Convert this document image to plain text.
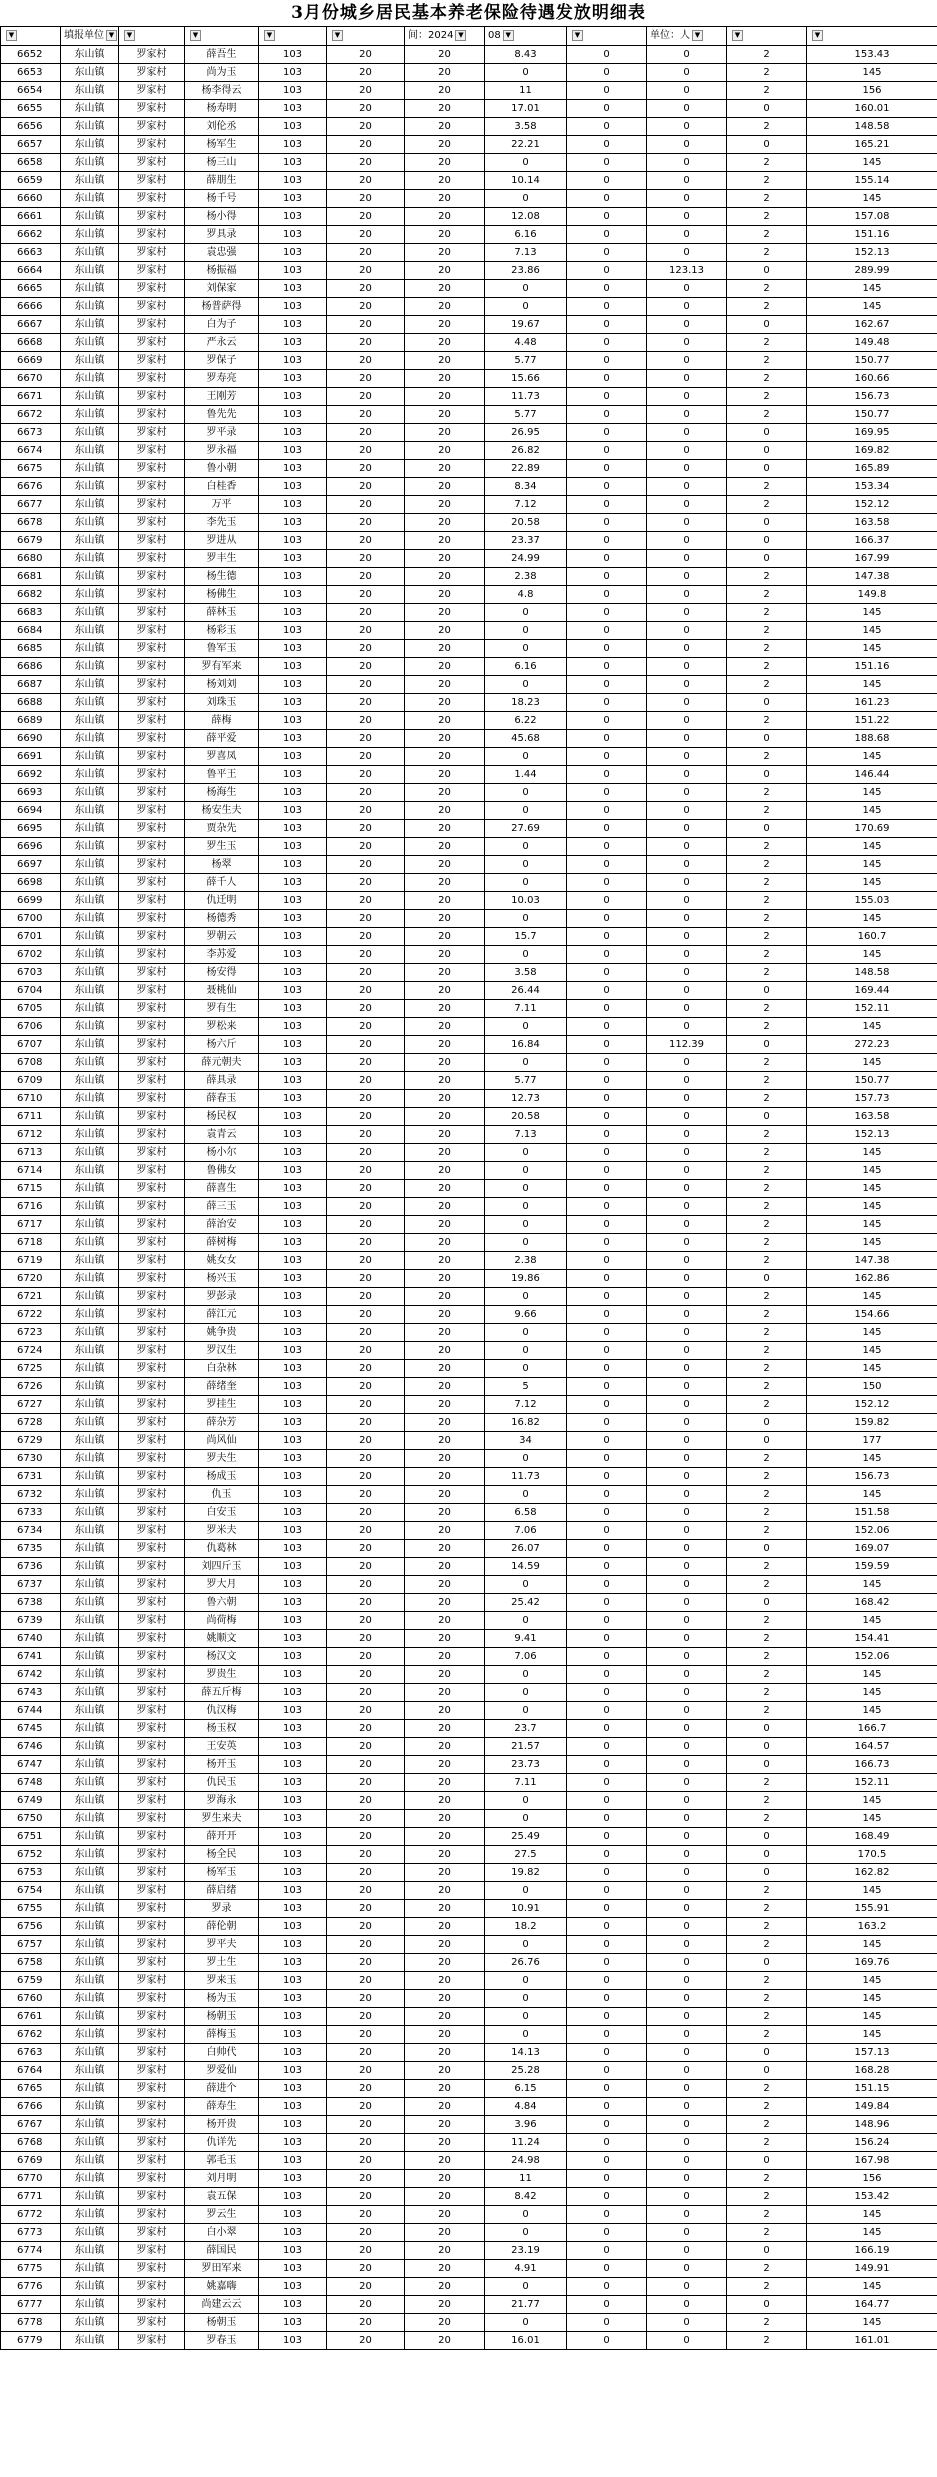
3月份城乡居民基本养老保险待遇发放明细表
▼	填报单位 ▼	▼	▼	▼	▼	间：2024 ▼	08 ▼	▼	单位：人 ▼	▼	▼
6652	东山镇	罗家村	薛吾生	103	20	20	8.43	0	0	2	153.43
6653	东山镇	罗家村	尚为玉	103	20	20	0	0	0	2	145
6654	东山镇	罗家村	杨李得云	103	20	20	11	0	0	2	156
6655	东山镇	罗家村	杨寿明	103	20	20	17.01	0	0	0	160.01
6656	东山镇	罗家村	刘伦丞	103	20	20	3.58	0	0	2	148.58
6657	东山镇	罗家村	杨军生	103	20	20	22.21	0	0	0	165.21
6658	东山镇	罗家村	杨三山	103	20	20	0	0	0	2	145
6659	东山镇	罗家村	薛朋生	103	20	20	10.14	0	0	2	155.14
6660	东山镇	罗家村	杨千号	103	20	20	0	0	0	2	145
6661	东山镇	罗家村	杨小得	103	20	20	12.08	0	0	2	157.08
6662	东山镇	罗家村	罗具录	103	20	20	6.16	0	0	2	151.16
6663	东山镇	罗家村	袁忠强	103	20	20	7.13	0	0	2	152.13
6664	东山镇	罗家村	杨振福	103	20	20	23.86	0	123.13	0	289.99
6665	东山镇	罗家村	刘保家	103	20	20	0	0	0	2	145
6666	东山镇	罗家村	杨普萨得	103	20	20	0	0	0	2	145
6667	东山镇	罗家村	白为子	103	20	20	19.67	0	0	0	162.67
6668	东山镇	罗家村	严永云	103	20	20	4.48	0	0	2	149.48
6669	东山镇	罗家村	罗保子	103	20	20	5.77	0	0	2	150.77
6670	东山镇	罗家村	罗寿亮	103	20	20	15.66	0	0	2	160.66
6671	东山镇	罗家村	王刚芳	103	20	20	11.73	0	0	2	156.73
6672	东山镇	罗家村	鲁先先	103	20	20	5.77	0	0	2	150.77
6673	东山镇	罗家村	罗平录	103	20	20	26.95	0	0	0	169.95
6674	东山镇	罗家村	罗永福	103	20	20	26.82	0	0	0	169.82
6675	东山镇	罗家村	鲁小朝	103	20	20	22.89	0	0	0	165.89
6676	东山镇	罗家村	白桂香	103	20	20	8.34	0	0	2	153.34
6677	东山镇	罗家村	万平	103	20	20	7.12	0	0	2	152.12
6678	东山镇	罗家村	李先玉	103	20	20	20.58	0	0	0	163.58
6679	东山镇	罗家村	罗进从	103	20	20	23.37	0	0	0	166.37
6680	东山镇	罗家村	罗丰生	103	20	20	24.99	0	0	0	167.99
6681	东山镇	罗家村	杨生德	103	20	20	2.38	0	0	2	147.38
6682	东山镇	罗家村	杨佛生	103	20	20	4.8	0	0	2	149.8
6683	东山镇	罗家村	薛林玉	103	20	20	0	0	0	2	145
6684	东山镇	罗家村	杨彩玉	103	20	20	0	0	0	2	145
6685	东山镇	罗家村	鲁军玉	103	20	20	0	0	0	2	145
6686	东山镇	罗家村	罗有军来	103	20	20	6.16	0	0	2	151.16
6687	东山镇	罗家村	杨刘刘	103	20	20	0	0	0	2	145
6688	东山镇	罗家村	刘珠玉	103	20	20	18.23	0	0	0	161.23
6689	东山镇	罗家村	薛梅	103	20	20	6.22	0	0	2	151.22
6690	东山镇	罗家村	薛平爱	103	20	20	45.68	0	0	0	188.68
6691	东山镇	罗家村	罗喜凤	103	20	20	0	0	0	2	145
6692	东山镇	罗家村	鲁平王	103	20	20	1.44	0	0	0	146.44
6693	东山镇	罗家村	杨海生	103	20	20	0	0	0	2	145
6694	东山镇	罗家村	杨安生夫	103	20	20	0	0	0	2	145
6695	东山镇	罗家村	贾杂先	103	20	20	27.69	0	0	0	170.69
6696	东山镇	罗家村	罗生玉	103	20	20	0	0	0	2	145
6697	东山镇	罗家村	杨翠	103	20	20	0	0	0	2	145
6698	东山镇	罗家村	薛千人	103	20	20	0	0	0	2	145
6699	东山镇	罗家村	仇迁明	103	20	20	10.03	0	0	2	155.03
6700	东山镇	罗家村	杨德秀	103	20	20	0	0	0	2	145
6701	东山镇	罗家村	罗朝云	103	20	20	15.7	0	0	2	160.7
6702	东山镇	罗家村	李苏爱	103	20	20	0	0	0	2	145
6703	东山镇	罗家村	杨安得	103	20	20	3.58	0	0	2	148.58
6704	东山镇	罗家村	聂桃仙	103	20	20	26.44	0	0	0	169.44
6705	东山镇	罗家村	罗有生	103	20	20	7.11	0	0	2	152.11
6706	东山镇	罗家村	罗松来	103	20	20	0	0	0	2	145
6707	东山镇	罗家村	杨六斤	103	20	20	16.84	0	112.39	0	272.23
6708	东山镇	罗家村	薛元朝夫	103	20	20	0	0	0	2	145
6709	东山镇	罗家村	薛具录	103	20	20	5.77	0	0	2	150.77
6710	东山镇	罗家村	薛春玉	103	20	20	12.73	0	0	2	157.73
6711	东山镇	罗家村	杨民权	103	20	20	20.58	0	0	0	163.58
6712	东山镇	罗家村	袁青云	103	20	20	7.13	0	0	2	152.13
6713	东山镇	罗家村	杨小尔	103	20	20	0	0	0	2	145
6714	东山镇	罗家村	鲁佛女	103	20	20	0	0	0	2	145
6715	东山镇	罗家村	薛喜生	103	20	20	0	0	0	2	145
6716	东山镇	罗家村	薛三玉	103	20	20	0	0	0	2	145
6717	东山镇	罗家村	薛治安	103	20	20	0	0	0	2	145
6718	东山镇	罗家村	薛树梅	103	20	20	0	0	0	2	145
6719	东山镇	罗家村	姚女女	103	20	20	2.38	0	0	2	147.38
6720	东山镇	罗家村	杨兴玉	103	20	20	19.86	0	0	0	162.86
6721	东山镇	罗家村	罗彭录	103	20	20	0	0	0	2	145
6722	东山镇	罗家村	薛江元	103	20	20	9.66	0	0	2	154.66
6723	东山镇	罗家村	姚争贵	103	20	20	0	0	0	2	145
6724	东山镇	罗家村	罗汉生	103	20	20	0	0	0	2	145
6725	东山镇	罗家村	白杂林	103	20	20	0	0	0	2	145
6726	东山镇	罗家村	薛绪奎	103	20	20	5	0	0	2	150
6727	东山镇	罗家村	罗挂生	103	20	20	7.12	0	0	2	152.12
6728	东山镇	罗家村	薛杂芳	103	20	20	16.82	0	0	0	159.82
6729	东山镇	罗家村	尚风仙	103	20	20	34	0	0	0	177
6730	东山镇	罗家村	罗夫生	103	20	20	0	0	0	2	145
6731	东山镇	罗家村	杨成玉	103	20	20	11.73	0	0	2	156.73
6732	东山镇	罗家村	仇玉	103	20	20	0	0	0	2	145
6733	东山镇	罗家村	白安玉	103	20	20	6.58	0	0	2	151.58
6734	东山镇	罗家村	罗米夫	103	20	20	7.06	0	0	2	152.06
6735	东山镇	罗家村	仇葛林	103	20	20	26.07	0	0	0	169.07
6736	东山镇	罗家村	刘四斤玉	103	20	20	14.59	0	0	2	159.59
6737	东山镇	罗家村	罗大月	103	20	20	0	0	0	2	145
6738	东山镇	罗家村	鲁六朝	103	20	20	25.42	0	0	0	168.42
6739	东山镇	罗家村	尚荷梅	103	20	20	0	0	0	2	145
6740	东山镇	罗家村	姚顺文	103	20	20	9.41	0	0	2	154.41
6741	东山镇	罗家村	杨汉文	103	20	20	7.06	0	0	2	152.06
6742	东山镇	罗家村	罗贵生	103	20	20	0	0	0	2	145
6743	东山镇	罗家村	薛五斤梅	103	20	20	0	0	0	2	145
6744	东山镇	罗家村	仇汉梅	103	20	20	0	0	0	2	145
6745	东山镇	罗家村	杨玉权	103	20	20	23.7	0	0	0	166.7
6746	东山镇	罗家村	王安英	103	20	20	21.57	0	0	0	164.57
6747	东山镇	罗家村	杨开玉	103	20	20	23.73	0	0	0	166.73
6748	东山镇	罗家村	仇民玉	103	20	20	7.11	0	0	2	152.11
6749	东山镇	罗家村	罗海永	103	20	20	0	0	0	2	145
6750	东山镇	罗家村	罗生来夫	103	20	20	0	0	0	2	145
6751	东山镇	罗家村	薛开开	103	20	20	25.49	0	0	0	168.49
6752	东山镇	罗家村	杨全民	103	20	20	27.5	0	0	0	170.5
6753	东山镇	罗家村	杨军玉	103	20	20	19.82	0	0	0	162.82
6754	东山镇	罗家村	薛启绪	103	20	20	0	0	0	2	145
6755	东山镇	罗家村	罗录	103	20	20	10.91	0	0	2	155.91
6756	东山镇	罗家村	薛伦朝	103	20	20	18.2	0	0	2	163.2
6757	东山镇	罗家村	罗平夫	103	20	20	0	0	0	2	145
6758	东山镇	罗家村	罗土生	103	20	20	26.76	0	0	0	169.76
6759	东山镇	罗家村	罗来玉	103	20	20	0	0	0	2	145
6760	东山镇	罗家村	杨为玉	103	20	20	0	0	0	2	145
6761	东山镇	罗家村	杨朝玉	103	20	20	0	0	0	2	145
6762	东山镇	罗家村	薛梅玉	103	20	20	0	0	0	2	145
6763	东山镇	罗家村	白帅代	103	20	20	14.13	0	0	0	157.13
6764	东山镇	罗家村	罗爱仙	103	20	20	25.28	0	0	0	168.28
6765	东山镇	罗家村	薛进个	103	20	20	6.15	0	0	2	151.15
6766	东山镇	罗家村	薛寿生	103	20	20	4.84	0	0	2	149.84
6767	东山镇	罗家村	杨开贵	103	20	20	3.96	0	0	2	148.96
6768	东山镇	罗家村	仇详先	103	20	20	11.24	0	0	2	156.24
6769	东山镇	罗家村	郭毛玉	103	20	20	24.98	0	0	0	167.98
6770	东山镇	罗家村	刘月明	103	20	20	11	0	0	2	156
6771	东山镇	罗家村	袁五保	103	20	20	8.42	0	0	2	153.42
6772	东山镇	罗家村	罗云生	103	20	20	0	0	0	2	145
6773	东山镇	罗家村	白小翠	103	20	20	0	0	0	2	145
6774	东山镇	罗家村	薛国民	103	20	20	23.19	0	0	0	166.19
6775	东山镇	罗家村	罗田军来	103	20	20	4.91	0	0	2	149.91
6776	东山镇	罗家村	姚嘉嗨	103	20	20	0	0	0	2	145
6777	东山镇	罗家村	尚建云云	103	20	20	21.77	0	0	0	164.77
6778	东山镇	罗家村	杨朝玉	103	20	20	0	0	0	2	145
6779	东山镇	罗家村	罗春玉	103	20	20	16.01	0	0	2	161.01
